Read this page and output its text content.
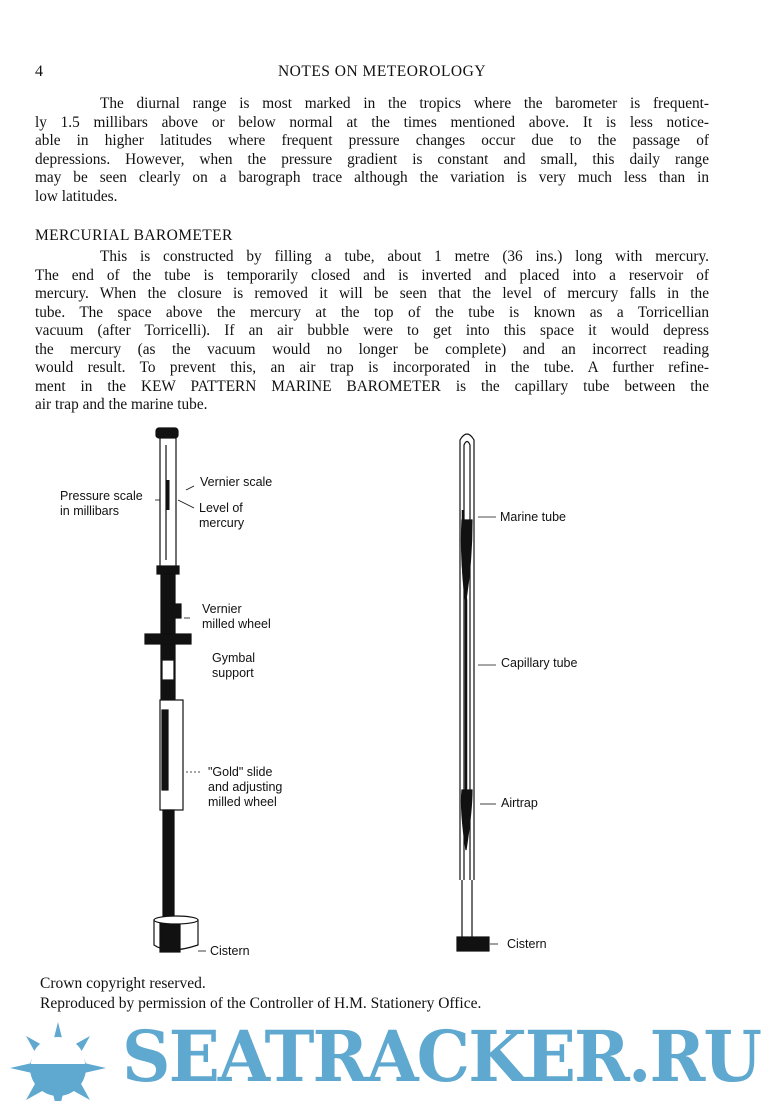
4	NOTES ON METEOROLOGY
The diurnal range is most marked in the tropics where the barometer is frequent-
ly 1.5 millibars above or below normal at the times mentioned above. It is less notice-
able in higher latitudes where frequent pressure changes occur due to the passage of
depressions. However, when the pressure gradient is constant and small, this daily range
may be seen clearly on a barograph trace although the variation is very much less than in
low latitudes.
MERCURIAL BAROMETER
This is constructed by filling a tube, about 1 metre (36 ins.) long with mercury.
The end of the tube is temporarily closed and is inverted and placed into a reservoir of
mercury. When the closure is removed it will be seen that the level of mercury falls in the
tube. The space above the mercury at the top of the tube is known as a Torricellian
vacuum (after Torricelli). If an air bubble were to get into this space it would depress
the mercury (as the vacuum would no longer be complete) and an incorrect reading
would result. To prevent this, an air trap is incorporated in the tube. A further refine-
ment in the KEW PATTERN MARINE BAROMETER is the capillary tube between the
air trap and the marine tube.
Vernier scale
Pressure scale
in millibars	Level of
mercury
Vernier
milled wheel
Gymbal
support
"Gold" slide
and adjusting
milled wheel
Cistern
Marine tube
Capillary tube
Airtrap
Cistern
Crown copyright reserved.
Reproduced by permission of the Controller of H.M. Stationery Office.
SEATRACKER.RU
